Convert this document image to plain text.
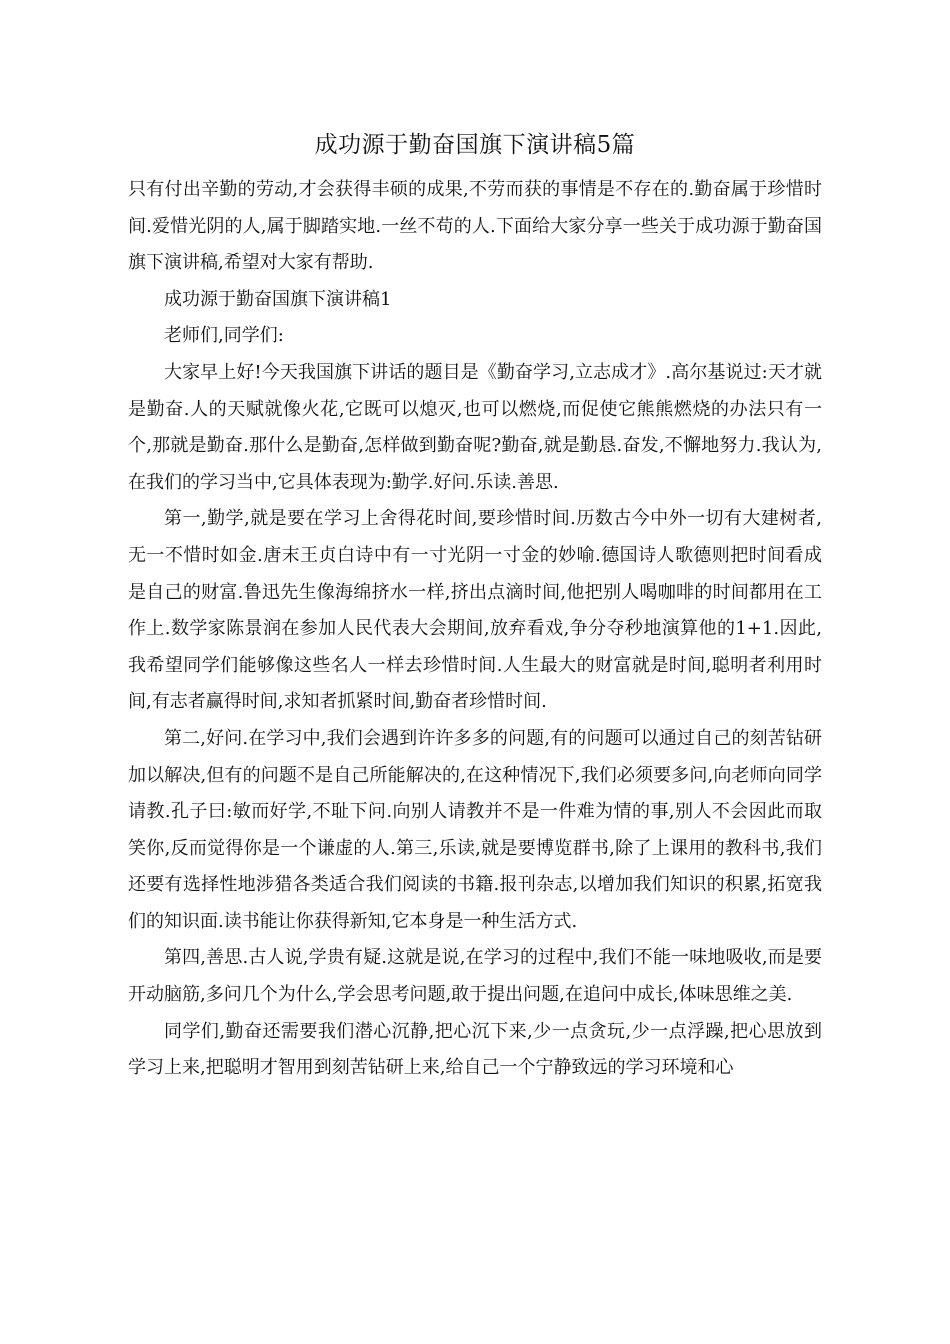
成功源于勤奋国旗下演讲稿5篇

只有付出辛勤的劳动,才会获得丰硕的成果,不劳而获的事情是不存在的.勤奋属于珍惜时间.爱惜光阴的人,属于脚踏实地.一丝不苟的人.下面给大家分享一些关于成功源于勤奋国旗下演讲稿,希望对大家有帮助.

成功源于勤奋国旗下演讲稿1

老师们,同学们:

大家早上好!今天我国旗下讲话的题目是《勤奋学习,立志成才》.高尔基说过:天才就是勤奋.人的天赋就像火花,它既可以熄灭,也可以燃烧,而促使它熊熊燃烧的办法只有一个,那就是勤奋.那什么是勤奋,怎样做到勤奋呢?勤奋,就是勤恳.奋发,不懈地努力.我认为,在我们的学习当中,它具体表现为:勤学.好问.乐读.善思.

第一,勤学,就是要在学习上舍得花时间,要珍惜时间.历数古今中外一切有大建树者,无一不惜时如金.唐末王贞白诗中有一寸光阴一寸金的妙喻.德国诗人歌德则把时间看成是自己的财富.鲁迅先生像海绵挤水一样,挤出点滴时间,他把别人喝咖啡的时间都用在工作上.数学家陈景润在参加人民代表大会期间,放弃看戏,争分夺秒地演算他的1+1.因此,我希望同学们能够像这些名人一样去珍惜时间.人生最大的财富就是时间,聪明者利用时间,有志者赢得时间,求知者抓紧时间,勤奋者珍惜时间.

第二,好问.在学习中,我们会遇到许许多多的问题,有的问题可以通过自己的刻苦钻研加以解决,但有的问题不是自己所能解决的,在这种情况下,我们必须要多问,向老师向同学请教.孔子曰:敏而好学,不耻下问.向别人请教并不是一件难为情的事,别人不会因此而取笑你,反而觉得你是一个谦虚的人.第三,乐读,就是要博览群书,除了上课用的教科书,我们还要有选择性地涉猎各类适合我们阅读的书籍.报刊杂志,以增加我们知识的积累,拓宽我们的知识面.读书能让你获得新知,它本身是一种生活方式.

第四,善思.古人说,学贵有疑.这就是说,在学习的过程中,我们不能一味地吸收,而是要开动脑筋,多问几个为什么,学会思考问题,敢于提出问题,在追问中成长,体味思维之美.

同学们,勤奋还需要我们潜心沉静,把心沉下来,少一点贪玩,少一点浮躁,把心思放到学习上来,把聪明才智用到刻苦钻研上来,给自己一个宁静致远的学习环境和心
